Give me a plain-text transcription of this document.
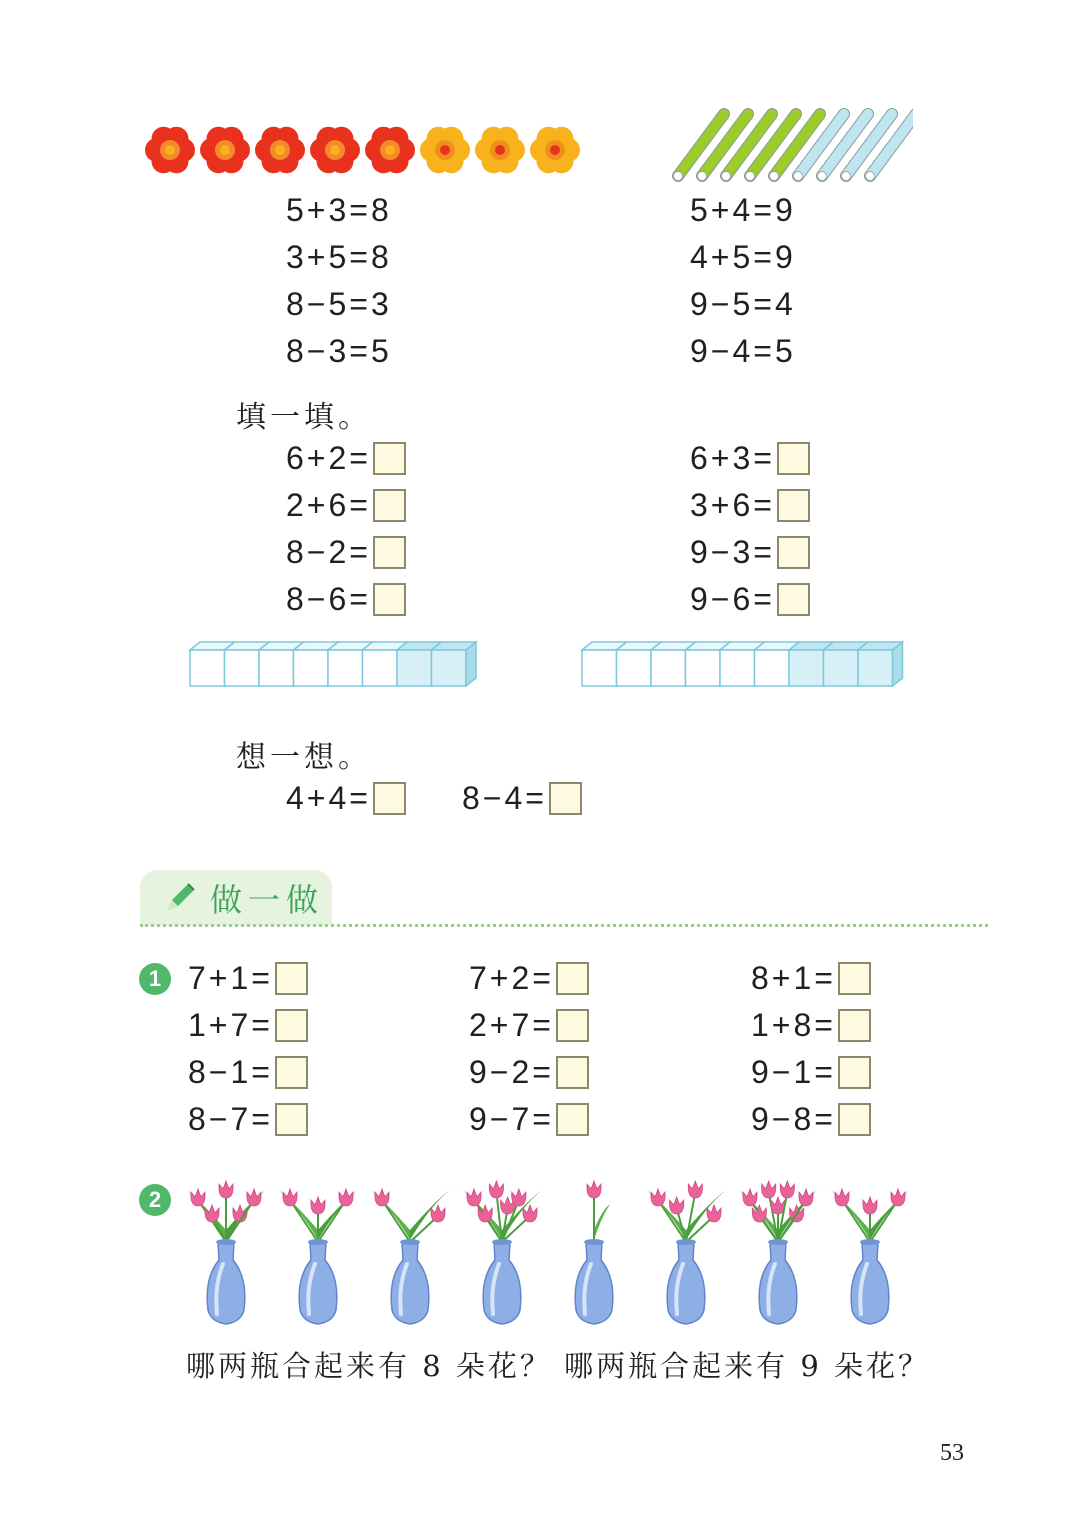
5+3=8
3+5=8
8−5=3
8−3=5
5+4=9
4+5=9
9−5=4
9−4=5
填一填。
6+2=
2+6=
8−2=
8−6=
6+3=
3+6=
9−3=
9−6=
想一想。
4+4=	8−4=
做一做
1 7+1=
1+7=
8−1=
8−7=
7+2=
2+7=
9−2=
9−7=
8+1=
1+8=
9−1=
9−8=
2
哪两瓶合起来有 8 朵花？ 哪两瓶合起来有 9 朵花？
53
